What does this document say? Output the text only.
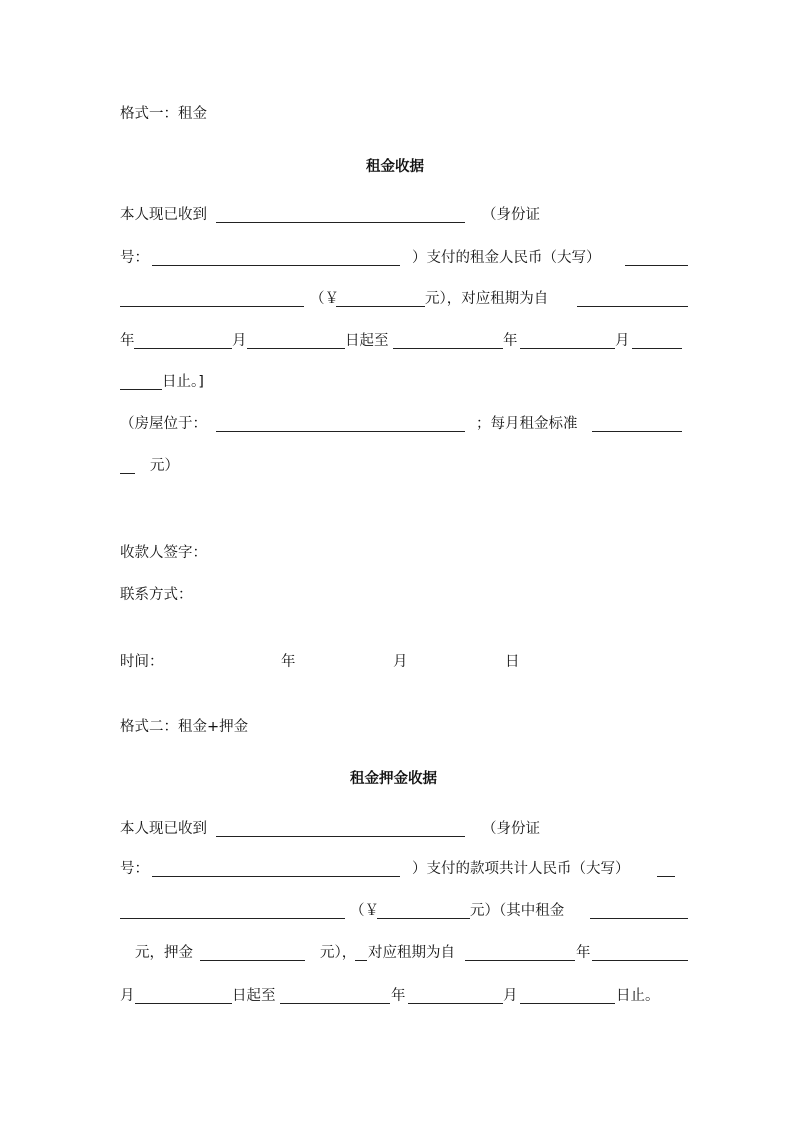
格式一：租金
租金收据
本人现已收到	（身份证
号：	）支付的租金人民币（大写）
（￥	元），对应租期为自
年	月	日起至	年	月
日止。]
（房屋位于：	；每月租金标准
元）
收款人签字：
联系方式：
时间：	年	月	日
格式二：租金+押金
租金押金收据
本人现已收到	（身份证
号：	）支付的款项共计人民币（大写）
（￥	元）（其中租金
元，押金	元）， 对应租期为自	年
月	日起至	年	月	日止。
